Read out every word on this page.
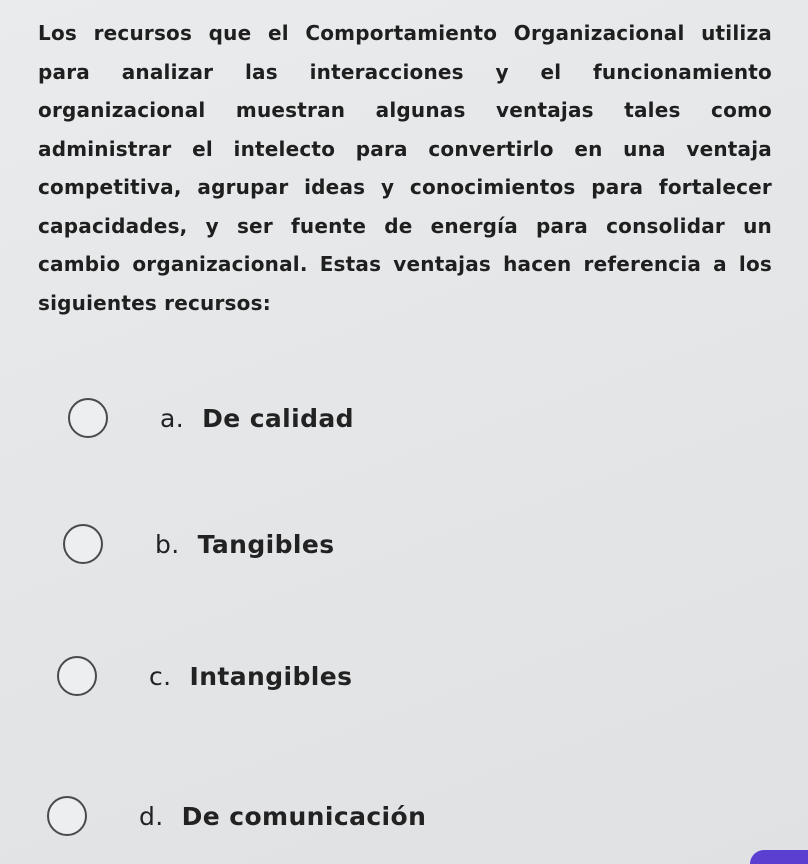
Los recursos que el Comportamiento Organizacional utiliza para analizar las interacciones y el funcionamiento organizacional muestran algunas ventajas tales como administrar el intelecto para convertirlo en una ventaja competitiva, agrupar ideas y conocimientos para fortalecer capacidades, y ser fuente de energía para consolidar un cambio organizacional. Estas ventajas hacen referencia a los siguientes recursos:

a. De calidad
b. Tangibles
c. Intangibles
d. De comunicación
